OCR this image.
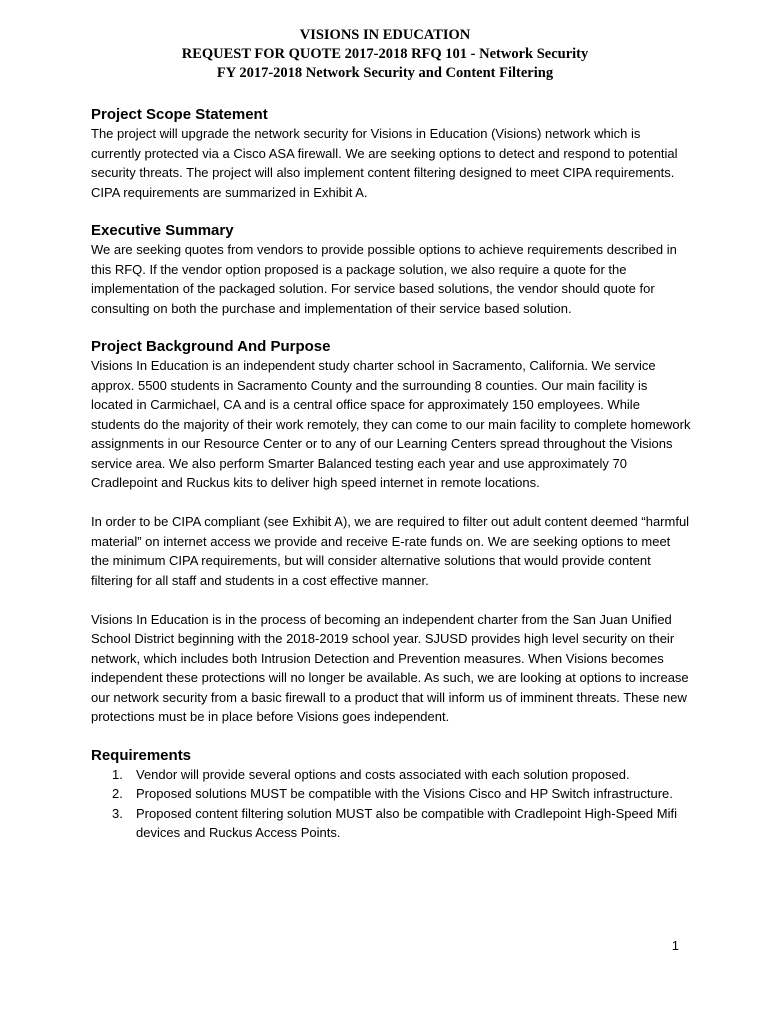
VISIONS IN EDUCATION
REQUEST FOR QUOTE 2017-2018 RFQ 101 - Network Security
FY 2017-2018 Network Security and Content Filtering
Project Scope Statement

The project will upgrade the network security for Visions in Education (Visions) network which is currently protected via a Cisco ASA firewall. We are seeking options to detect and respond to potential security threats. The project will also implement content filtering designed to meet CIPA requirements. CIPA requirements are summarized in Exhibit A.

Executive Summary

We are seeking quotes from vendors to provide possible options to achieve requirements described in this RFQ. If the vendor option proposed is a package solution, we also require a quote for the implementation of the packaged solution. For service based solutions, the vendor should quote for consulting on both the purchase and implementation of their service based solution.

Project Background And Purpose

Visions In Education is an independent study charter school in Sacramento, California. We service approx. 5500 students in Sacramento County and the surrounding 8 counties. Our main facility is located in Carmichael, CA and is a central office space for approximately 150 employees. While students do the majority of their work remotely, they can come to our main facility to complete homework assignments in our Resource Center or to any of our Learning Centers spread throughout the Visions service area. We also perform Smarter Balanced testing each year and use approximately 70 Cradlepoint and Ruckus kits to deliver high speed internet in remote locations.

In order to be CIPA compliant (see Exhibit A), we are required to filter out adult content deemed “harmful material” on internet access we provide and receive E-rate funds on. We are seeking options to meet the minimum CIPA requirements, but will consider alternative solutions that would provide content filtering for all staff and students in a cost effective manner.

Visions In Education is in the process of becoming an independent charter from the San Juan Unified School District beginning with the 2018-2019 school year. SJUSD provides high level security on their network, which includes both Intrusion Detection and Prevention measures. When Visions becomes independent these protections will no longer be available. As such, we are looking at options to increase our network security from a basic firewall to a product that will inform us of imminent threats. These new protections must be in place before Visions goes independent.

Requirements
1. Vendor will provide several options and costs associated with each solution proposed.
2. Proposed solutions MUST be compatible with the Visions Cisco and HP Switch infrastructure.
3. Proposed content filtering solution MUST also be compatible with Cradlepoint High-Speed Mifi devices and Ruckus Access Points.
1
